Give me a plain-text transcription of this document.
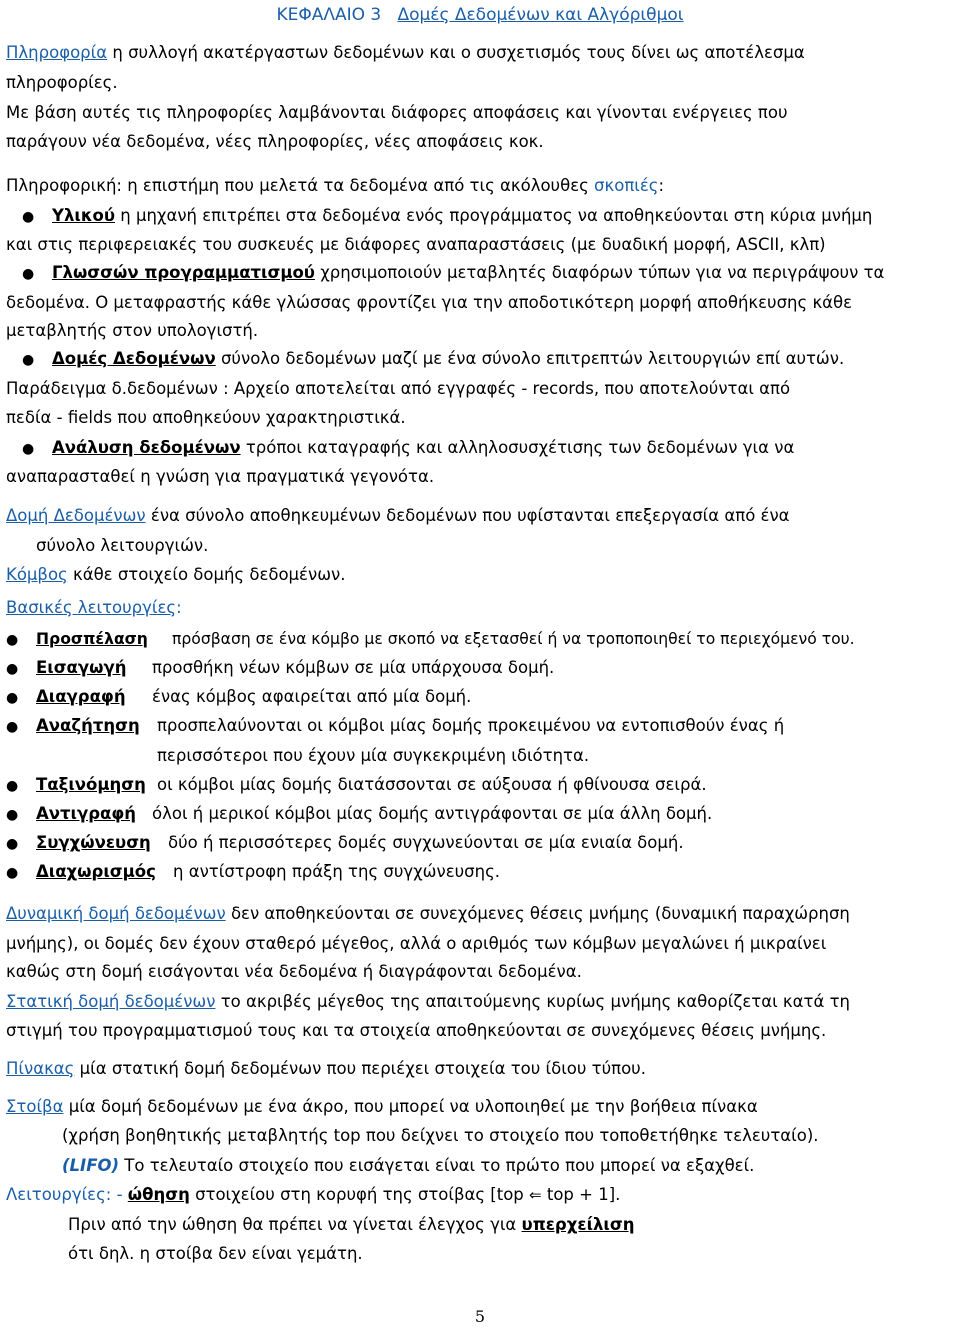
ΚΕΦΑΛΑΙΟ 3 Δομές Δεδομένων και Αλγόριθμοι
Πληροφορία η συλλογή ακατέργαστων δεδομένων και ο συσχετισμός τους δίνει ως αποτέλεσμα
πληροφορίες.
Με βάση αυτές τις πληροφορίες λαμβάνονται διάφορες αποφάσεις και γίνονται ενέργειες που
παράγουν νέα δεδομένα, νέες πληροφορίες, νέες αποφάσεις κοκ.
Πληροφορική: η επιστήμη που μελετά τα δεδομένα από τις ακόλουθες σκοπιές:
● Υλικού η μηχανή επιτρέπει στα δεδομένα ενός προγράμματος να αποθηκεύονται στη κύρια μνήμη
και στις περιφερειακές του συσκευές με διάφορες αναπαραστάσεις (με δυαδική μορφή, ASCII, κλπ)
● Γλωσσών προγραμματισμού χρησιμοποιούν μεταβλητές διαφόρων τύπων για να περιγράψουν τα
δεδομένα. Ο μεταφραστής κάθε γλώσσας φροντίζει για την αποδοτικότερη μορφή αποθήκευσης κάθε
μεταβλητής στον υπολογιστή.
● Δομές Δεδομένων σύνολο δεδομένων μαζί με ένα σύνολο επιτρεπτών λειτουργιών επί αυτών.
Παράδειγμα δ.δεδομένων : Αρχείο αποτελείται από εγγραφές - records, που αποτελούνται από
πεδία - fields που αποθηκεύουν χαρακτηριστικά.
● Ανάλυση δεδομένων τρόποι καταγραφής και αλληλοσυσχέτισης των δεδομένων για να
αναπαρασταθεί η γνώση για πραγματικά γεγονότα.
Δομή Δεδομένων ένα σύνολο αποθηκευμένων δεδομένων που υφίστανται επεξεργασία από ένα
σύνολο λειτουργιών.
Κόμβος κάθε στοιχείο δομής δεδομένων.
Βασικές λειτουργίες:
● Προσπέλαση πρόσβαση σε ένα κόμβο με σκοπό να εξετασθεί ή να τροποποιηθεί το περιεχόμενό του.
● Εισαγωγή προσθήκη νέων κόμβων σε μία υπάρχουσα δομή.
● Διαγραφή ένας κόμβος αφαιρείται από μία δομή.
● Αναζήτηση προσπελαύνονται οι κόμβοι μίας δομής προκειμένου να εντοπισθούν ένας ή
περισσότεροι που έχουν μία συγκεκριμένη ιδιότητα.
● Ταξινόμηση οι κόμβοι μίας δομής διατάσσονται σε αύξουσα ή φθίνουσα σειρά.
● Αντιγραφή όλοι ή μερικοί κόμβοι μίας δομής αντιγράφονται σε μία άλλη δομή.
● Συγχώνευση δύο ή περισσότερες δομές συγχωνεύονται σε μία ενιαία δομή.
● Διαχωρισμός η αντίστροφη πράξη της συγχώνευσης.
Δυναμική δομή δεδομένων δεν αποθηκεύονται σε συνεχόμενες θέσεις μνήμης (δυναμική παραχώρηση
μνήμης), οι δομές δεν έχουν σταθερό μέγεθος, αλλά ο αριθμός των κόμβων μεγαλώνει ή μικραίνει
καθώς στη δομή εισάγονται νέα δεδομένα ή διαγράφονται δεδομένα.
Στατική δομή δεδομένων το ακριβές μέγεθος της απαιτούμενης κυρίως μνήμης καθορίζεται κατά τη
στιγμή του προγραμματισμού τους και τα στοιχεία αποθηκεύονται σε συνεχόμενες θέσεις μνήμης.
Πίνακας μία στατική δομή δεδομένων που περιέχει στοιχεία του ίδιου τύπου.
Στοίβα μία δομή δεδομένων με ένα άκρο, που μπορεί να υλοποιηθεί με την βοήθεια πίνακα
(χρήση βοηθητικής μεταβλητής top που δείχνει το στοιχείο που τοποθετήθηκε τελευταίο).
(LIFO) Το τελευταίο στοιχείο που εισάγεται είναι το πρώτο που μπορεί να εξαχθεί.
Λειτουργίες: - ώθηση στοιχείου στη κορυφή της στοίβας [top ⇐ top + 1].
Πριν από την ώθηση θα πρέπει να γίνεται έλεγχος για υπερχείλιση
ότι δηλ. η στοίβα δεν είναι γεμάτη.
5
